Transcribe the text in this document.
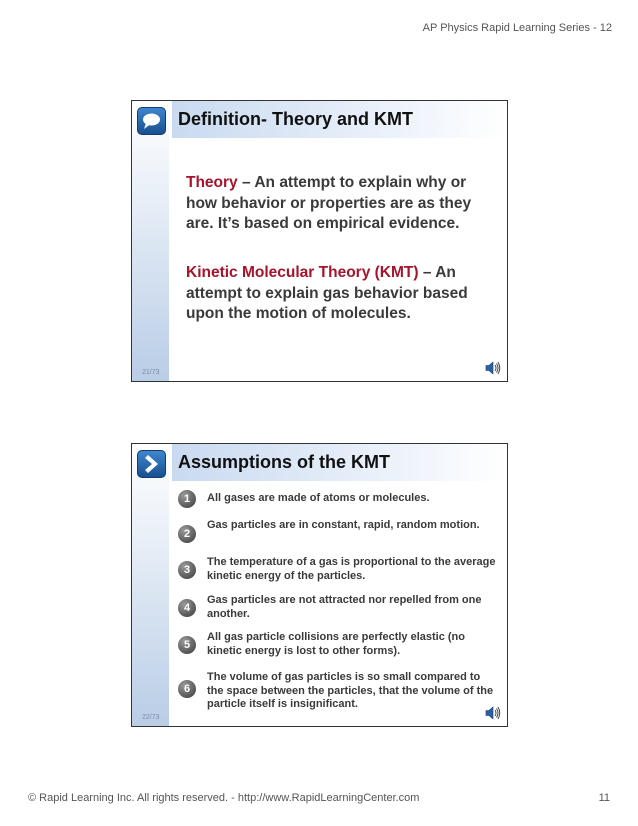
AP Physics Rapid Learning Series - 12
Definition- Theory and KMT
Theory – An attempt to explain why or how behavior or properties are as they are. It’s based on empirical evidence.
Kinetic Molecular Theory (KMT) – An attempt to explain gas behavior based upon the motion of molecules.
21/73
Assumptions of the KMT
1	All gases are made of atoms or molecules.
2
Gas particles are in constant, rapid, random motion.
3
The temperature of a gas is proportional to the average kinetic energy of the particles.
4
Gas particles are not attracted nor repelled from one another.
5
All gas particle collisions are perfectly elastic (no kinetic energy is lost to other forms).
6
The volume of gas particles is so small compared to the space between the particles, that the volume of the particle itself is insignificant.
22/73
© Rapid Learning Inc. All rights reserved. - http://www.RapidLearningCenter.com	11
